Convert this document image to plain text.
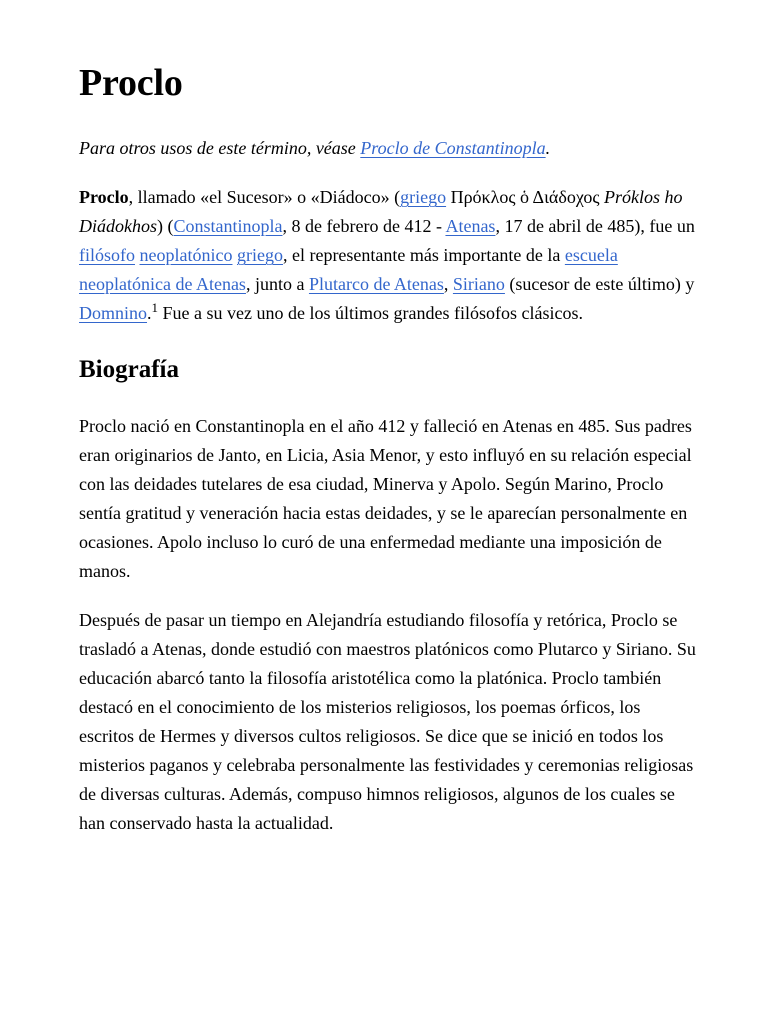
Proclo
Para otros usos de este término, véase Proclo de Constantinopla.

Proclo, llamado «el Sucesor» o «Diádoco» (griego Πρόκλος ὁ Διάδοχος Próklos ho Diádokhos) (Constantinopla, 8 de febrero de 412 - Atenas, 17 de abril de 485), fue un filósofo neoplatónico griego, el representante más importante de la escuela neoplatónica de Atenas, junto a Plutarco de Atenas, Siriano (sucesor de este último) y Domnino.$^1$ Fue a su vez uno de los últimos grandes filósofos clásicos.

Biografía

Proclo nació en Constantinopla en el año 412 y falleció en Atenas en 485. Sus padres eran originarios de Janto, en Licia, Asia Menor, y esto influyó en su relación especial con las deidades tutelares de esa ciudad, Minerva y Apolo. Según Marino, Proclo sentía gratitud y veneración hacia estas deidades, y se le aparecían personalmente en ocasiones. Apolo incluso lo curó de una enfermedad mediante una imposición de manos.

Después de pasar un tiempo en Alejandría estudiando filosofía y retórica, Proclo se trasladó a Atenas, donde estudió con maestros platónicos como Plutarco y Siriano. Su educación abarcó tanto la filosofía aristotélica como la platónica. Proclo también destacó en el conocimiento de los misterios religiosos, los poemas órficos, los escritos de Hermes y diversos cultos religiosos. Se dice que se inició en todos los misterios paganos y celebraba personalmente las festividades y ceremonias religiosas de diversas culturas. Además, compuso himnos religiosos, algunos de los cuales se han conservado hasta la actualidad.
